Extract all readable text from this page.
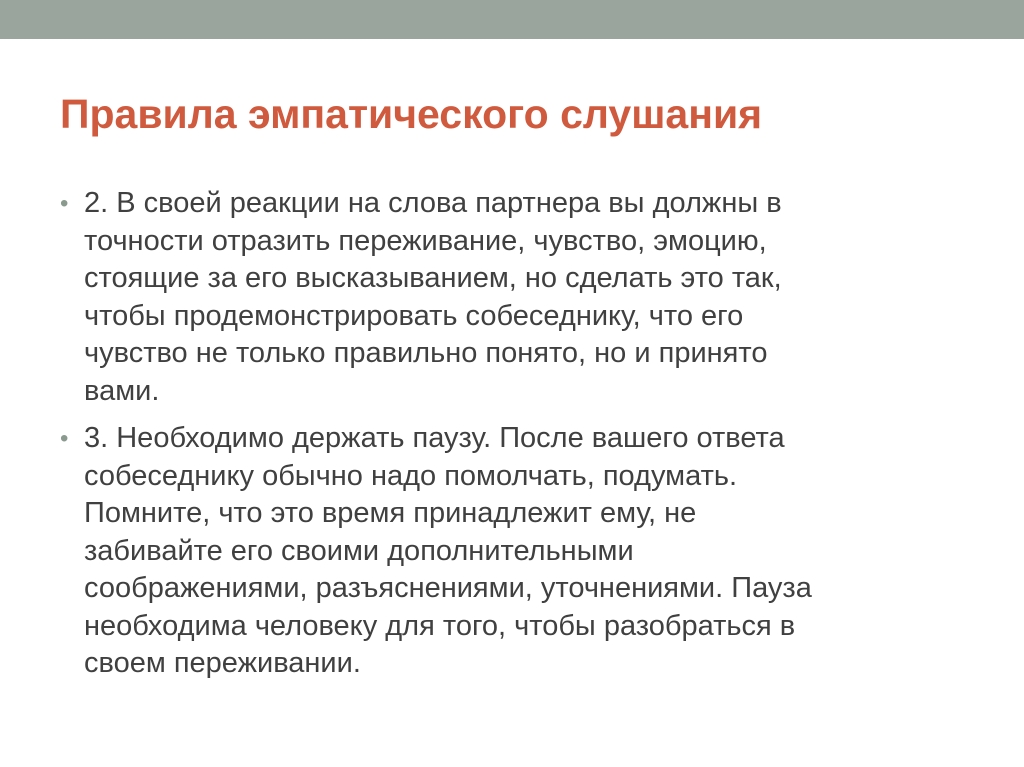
Правила эмпатического слушания
• 2. В своей реакции на слова партнера вы должны в
точности отразить переживание, чувство, эмоцию,
стоящие за его высказыванием, но сделать это так,
чтобы продемонстрировать собеседнику, что его
чувство не только правильно понято, но и принято
вами.
• 3. Необходимо держать паузу. После вашего ответа
собеседнику обычно надо помолчать, подумать.
Помните, что это время принадлежит ему, не
забивайте его своими дополнительными
соображениями, разъяснениями, уточнениями. Пауза
необходима человеку для того, чтобы разобраться в
своем переживании.
